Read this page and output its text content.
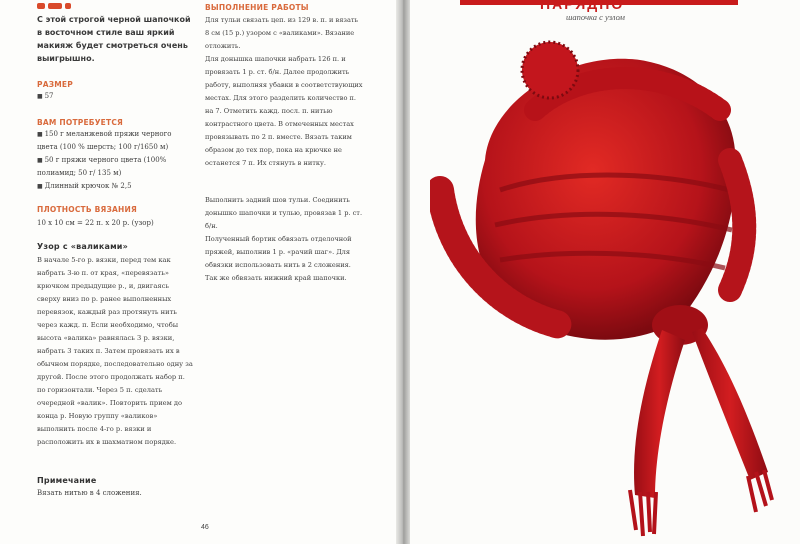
С этой строгой черной шапочкой в восточном стиле ваш яркий макияж будет смотреться очень выигрышно.
РАЗМЕР
■ 57
ВАМ ПОТРЕБУЕТСЯ
■ 150 г меланжевой пряжи черного цвета (100 % шерсть; 100 г/1650 м)
■ 50 г пряжи черного цвета (100% полиамид; 50 г/ 135 м)
■ Длинный крючок № 2,5
ПЛОТНОСТЬ ВЯЗАНИЯ
10 х 10 см = 22 п. х 20 р. (узор)
Узор с «валиками»
В начале 5-го р. вязки, перед тем как набрать 3-ю п. от края, «перевязать» крючком предыдущие р., и, двигаясь сверху вниз по р. ранее выполненных перевязок, каждый раз протянуть нить через кажд. п. Если необходимо, чтобы высота «валика» равнялась 3 р. вязки, набрать 3 таких п. Затем провязать их в обычном порядке, последовательно одну за другой. После этого продолжать набор п. по горизонтали. Через 5 п. сделать очередной «валик». Повторить прием до конца р. Новую группу «валиков» выполнить после 4-го р. вязки и расположить их в шахматном порядке.
Примечание
Вязать нитью в 4 сложения.
ВЫПОЛНЕНИЕ РАБОТЫ
Для тульи связать цеп. из 129 в. п. и вязать 8 см (15 р.) узором с «валиками». Вязание отложить.
Для донышка шапочки набрать 126 п. и провязать 1 р. ст. б/н. Далее продолжить работу, выполняя убавки в соответствующих местах. Для этого разделить количество п. на 7. Отметить кажд. посл. п. нитью контрастного цвета. В отмеченных местах провязывать по 2 п. вместе. Вязать таким образом до тех пор, пока на крючке не останется 7 п. Их стянуть в нитку.
Выполнить задний шов тульи. Соединить донышко шапочки и тулью, провязав 1 р. ст. б/н.
Полученный бортик обвязать отделочной пряжей, выполнив 1 р. «рачий шаг». Для обвязки использовать нить в 2 сложения. Так же обвязать нижний край шапочки.
46
НАРЯДНО
шапочка с узлом
